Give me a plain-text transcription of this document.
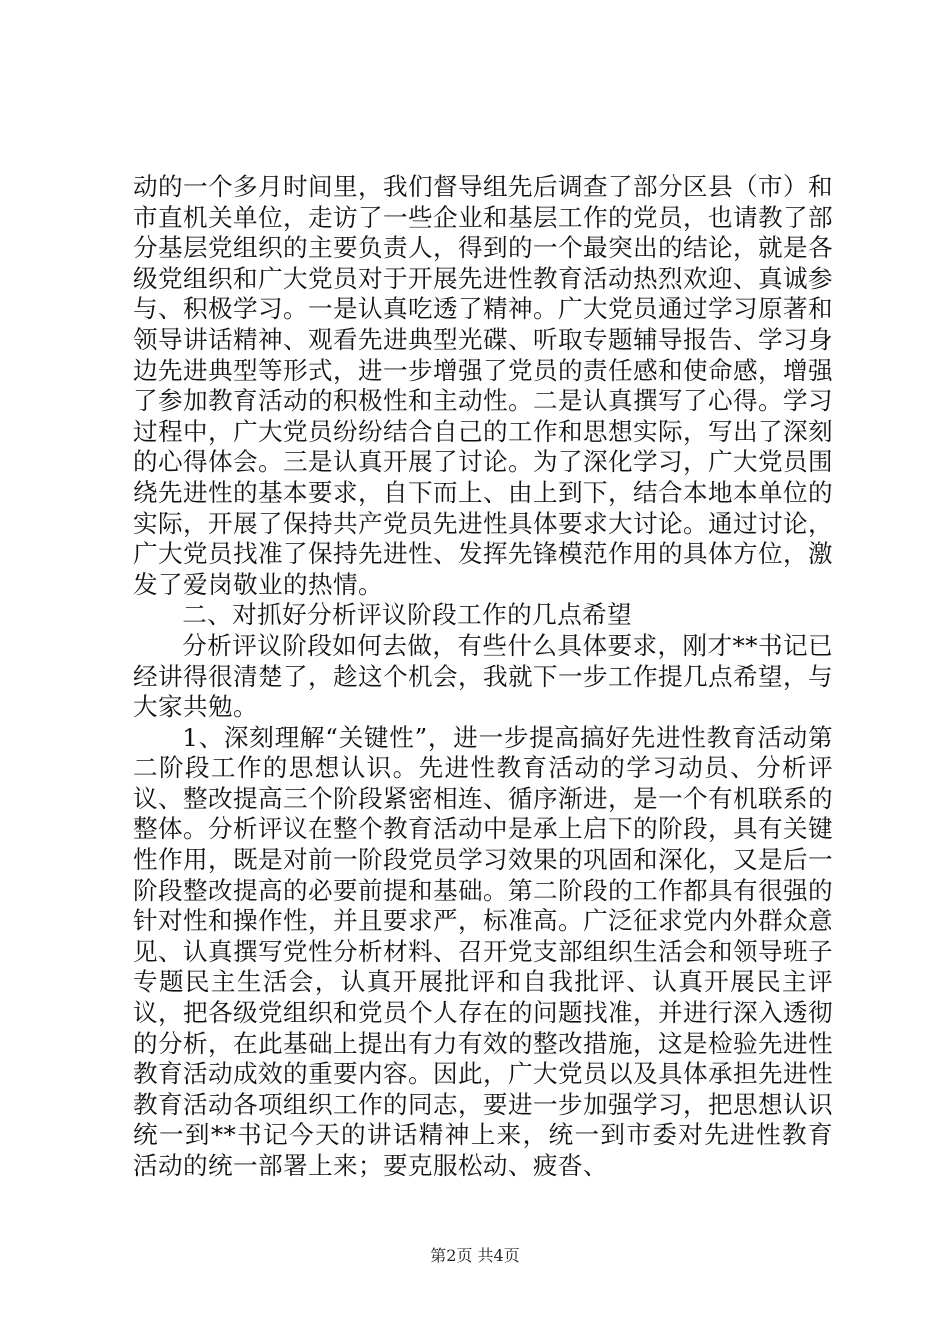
动的一个多月时间里，我们督导组先后调查了部分区县（市）和市直机关单位，走访了一些企业和基层工作的党员，也请教了部分基层党组织的主要负责人，得到的一个最突出的结论，就是各级党组织和广大党员对于开展先进性教育活动热烈欢迎、真诚参与、积极学习。一是认真吃透了精神。广大党员通过学习原著和领导讲话精神、观看先进典型光碟、听取专题辅导报告、学习身边先进典型等形式，进一步增强了党员的责任感和使命感，增强了参加教育活动的积极性和主动性。二是认真撰写了心得。学习过程中，广大党员纷纷结合自己的工作和思想实际，写出了深刻的心得体会。三是认真开展了讨论。为了深化学习，广大党员围绕先进性的基本要求，自下而上、由上到下，结合本地本单位的实际，开展了保持共产党员先进性具体要求大讨论。通过讨论，广大党员找准了保持先进性、发挥先锋模范作用的具体方位，激发了爱岗敬业的热情。

二、对抓好分析评议阶段工作的几点希望

分析评议阶段如何去做，有些什么具体要求，刚才**书记已经讲得很清楚了，趁这个机会，我就下一步工作提几点希望，与大家共勉。

1、深刻理解“关键性”，进一步提高搞好先进性教育活动第二阶段工作的思想认识。先进性教育活动的学习动员、分析评议、整改提高三个阶段紧密相连、循序渐进，是一个有机联系的整体。分析评议在整个教育活动中是承上启下的阶段，具有关键性作用，既是对前一阶段党员学习效果的巩固和深化，又是后一阶段整改提高的必要前提和基础。第二阶段的工作都具有很强的针对性和操作性，并且要求严，标准高。广泛征求党内外群众意见、认真撰写党性分析材料、召开党支部组织生活会和领导班子专题民主生活会，认真开展批评和自我批评、认真开展民主评议，把各级党组织和党员个人存在的问题找准，并进行深入透彻的分析，在此基础上提出有力有效的整改措施，这是检验先进性教育活动成效的重要内容。因此，广大党员以及具体承担先进性教育活动各项组织工作的同志，要进一步加强学习，把思想认识统一到**书记今天的讲话精神上来，统一到市委对先进性教育活动的统一部署上来；要克服松动、疲沓、

第2页 共4页
